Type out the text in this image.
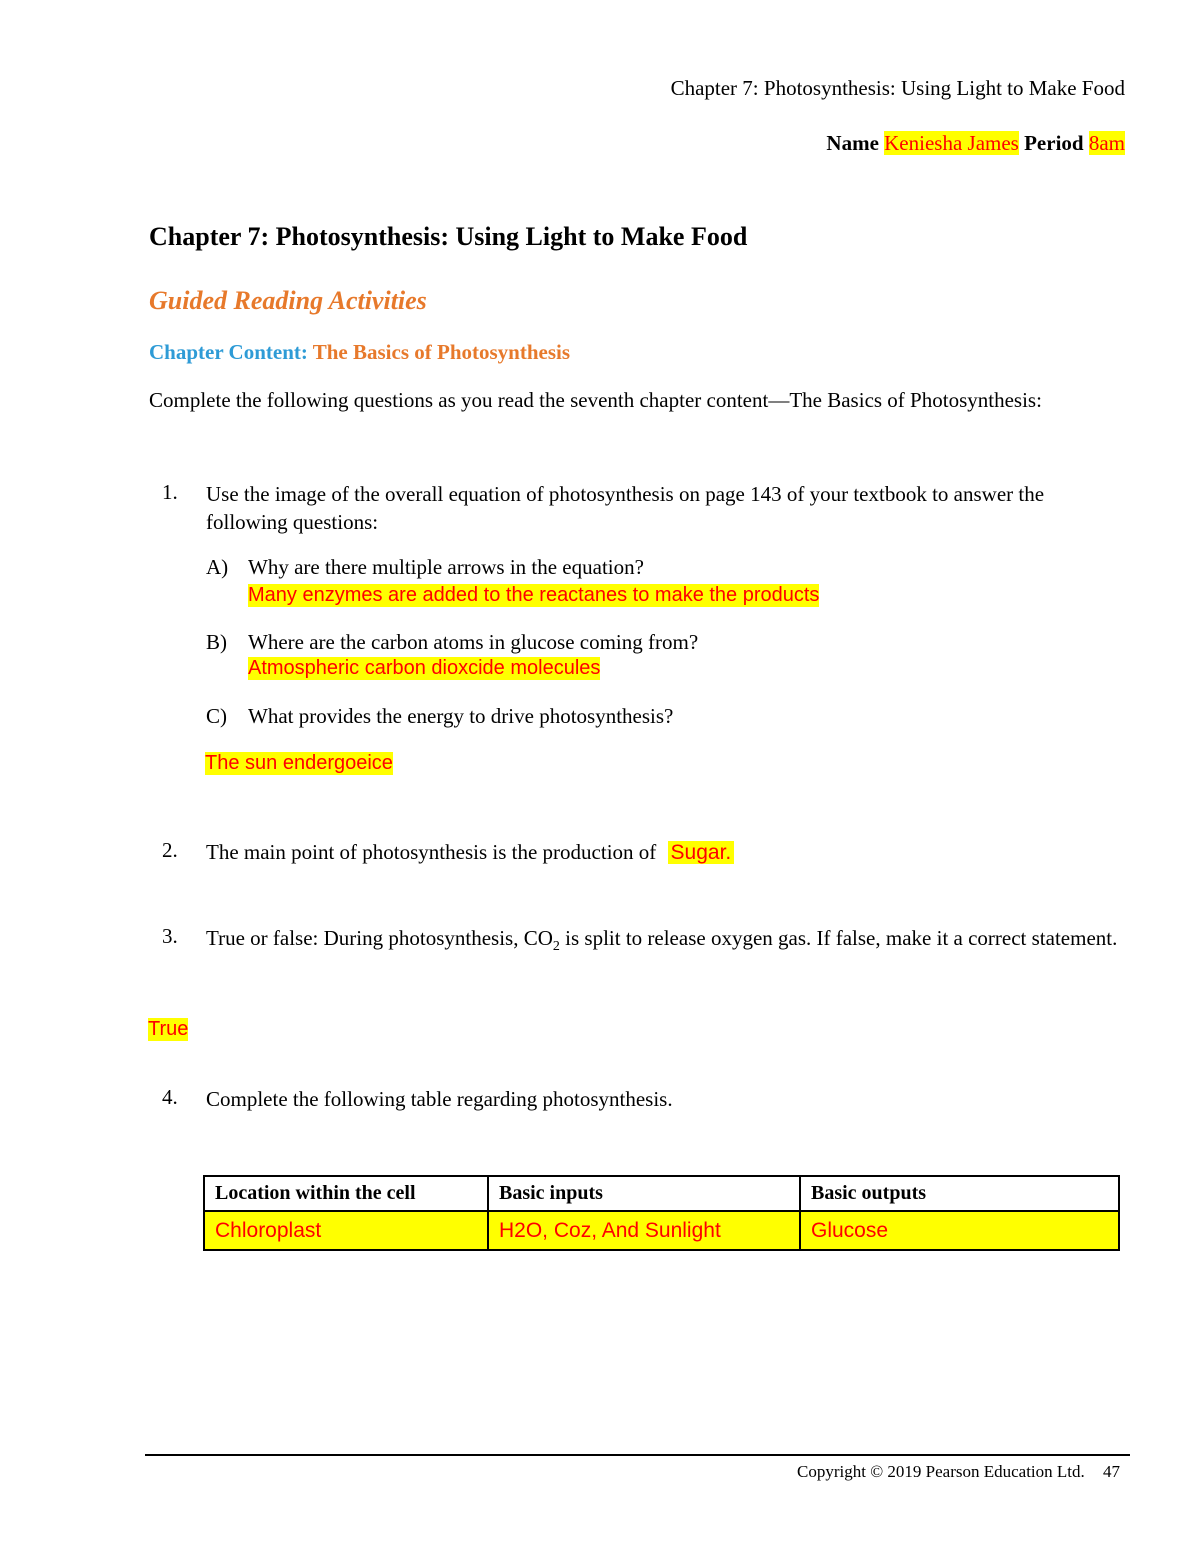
Chapter 7: Photosynthesis: Using Light to Make Food
Name Keniesha James Period 8am
Chapter 7: Photosynthesis: Using Light to Make Food
Guided Reading Activities
Chapter Content: The Basics of Photosynthesis
Complete the following questions as you read the seventh chapter content—The Basics of Photosynthesis:
1. Use the image of the overall equation of photosynthesis on page 143 of your textbook to answer the following questions:
A) Why are there multiple arrows in the equation?
Many enzymes are added to the reactanes to make the products
B) Where are the carbon atoms in glucose coming from?
Atmospheric carbon dioxcide molecules
C) What provides the energy to drive photosynthesis?
The sun endergoeice
2. The main point of photosynthesis is the production of Sugar.
3. True or false: During photosynthesis, $CO_2$ is split to release oxygen gas. If false, make it a correct statement.
True
4. Complete the following table regarding photosynthesis.
Location within the cell	Basic inputs	Basic outputs
Chloroplast	H2O, Coz, And Sunlight	Glucose
Copyright © 2019 Pearson Education Ltd. 47
